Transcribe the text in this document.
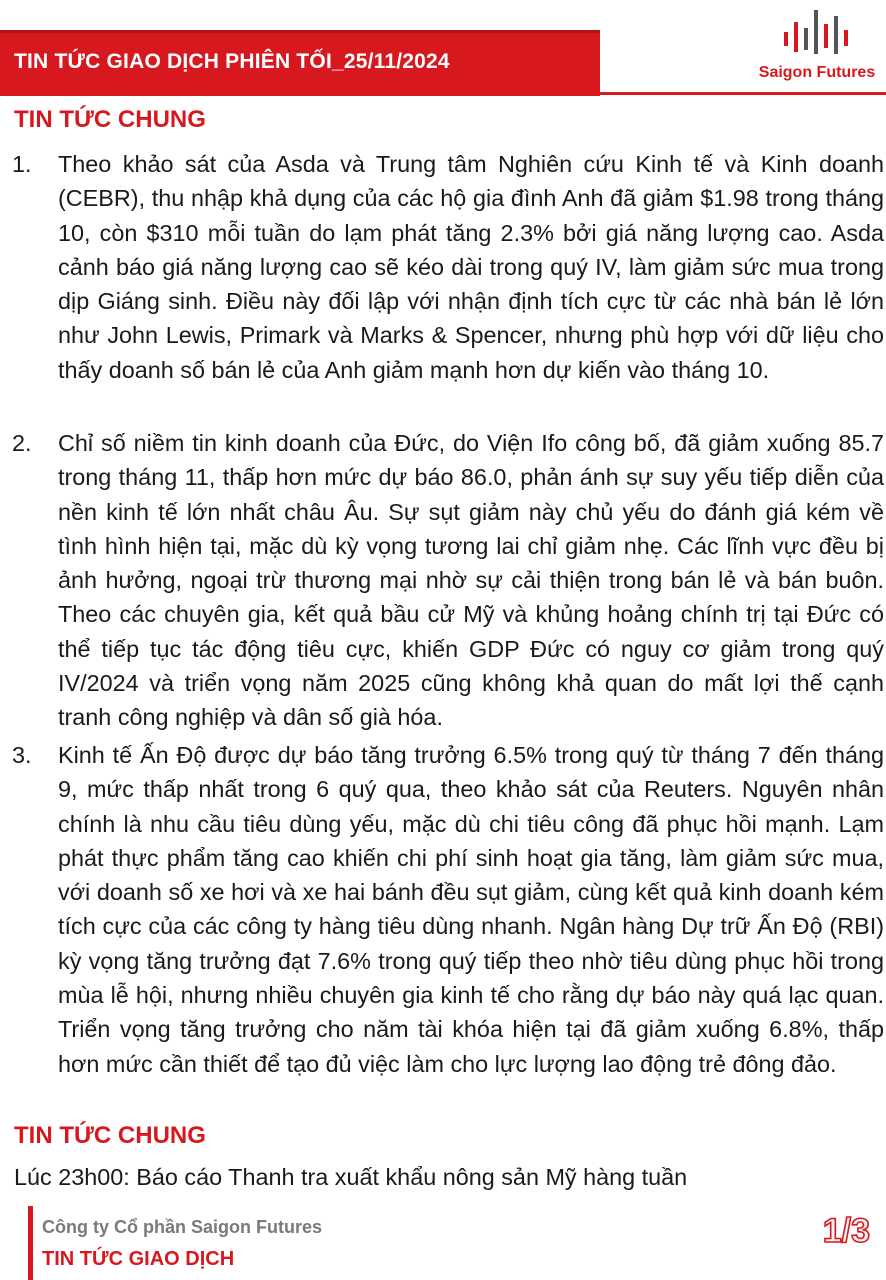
TIN TỨC GIAO DỊCH PHIÊN TỐI_25/11/2024	Saigon Futures
TIN TỨC CHUNG
1. Theo khảo sát của Asda và Trung tâm Nghiên cứu Kinh tế và Kinh doanh (CEBR), thu nhập khả dụng của các hộ gia đình Anh đã giảm $1.98 trong tháng 10, còn $310 mỗi tuần do lạm phát tăng 2.3% bởi giá năng lượng cao. Asda cảnh báo giá năng lượng cao sẽ kéo dài trong quý IV, làm giảm sức mua trong dịp Giáng sinh. Điều này đối lập với nhận định tích cực từ các nhà bán lẻ lớn như John Lewis, Primark và Marks & Spencer, nhưng phù hợp với dữ liệu cho thấy doanh số bán lẻ của Anh giảm mạnh hơn dự kiến vào tháng 10.
2. Chỉ số niềm tin kinh doanh của Đức, do Viện Ifo công bố, đã giảm xuống 85.7 trong tháng 11, thấp hơn mức dự báo 86.0, phản ánh sự suy yếu tiếp diễn của nền kinh tế lớn nhất châu Âu. Sự sụt giảm này chủ yếu do đánh giá kém về tình hình hiện tại, mặc dù kỳ vọng tương lai chỉ giảm nhẹ. Các lĩnh vực đều bị ảnh hưởng, ngoại trừ thương mại nhờ sự cải thiện trong bán lẻ và bán buôn. Theo các chuyên gia, kết quả bầu cử Mỹ và khủng hoảng chính trị tại Đức có thể tiếp tục tác động tiêu cực, khiến GDP Đức có nguy cơ giảm trong quý IV/2024 và triển vọng năm 2025 cũng không khả quan do mất lợi thế cạnh tranh công nghiệp và dân số già hóa.
3. Kinh tế Ấn Độ được dự báo tăng trưởng 6.5% trong quý từ tháng 7 đến tháng 9, mức thấp nhất trong 6 quý qua, theo khảo sát của Reuters. Nguyên nhân chính là nhu cầu tiêu dùng yếu, mặc dù chi tiêu công đã phục hồi mạnh. Lạm phát thực phẩm tăng cao khiến chi phí sinh hoạt gia tăng, làm giảm sức mua, với doanh số xe hơi và xe hai bánh đều sụt giảm, cùng kết quả kinh doanh kém tích cực của các công ty hàng tiêu dùng nhanh. Ngân hàng Dự trữ Ấn Độ (RBI) kỳ vọng tăng trưởng đạt 7.6% trong quý tiếp theo nhờ tiêu dùng phục hồi trong mùa lễ hội, nhưng nhiều chuyên gia kinh tế cho rằng dự báo này quá lạc quan. Triển vọng tăng trưởng cho năm tài khóa hiện tại đã giảm xuống 6.8%, thấp hơn mức cần thiết để tạo đủ việc làm cho lực lượng lao động trẻ đông đảo.
TIN TỨC CHUNG
Lúc 23h00: Báo cáo Thanh tra xuất khẩu nông sản Mỹ hàng tuần
Công ty Cổ phần Saigon Futures
TIN TỨC GIAO DỊCH
1/3
